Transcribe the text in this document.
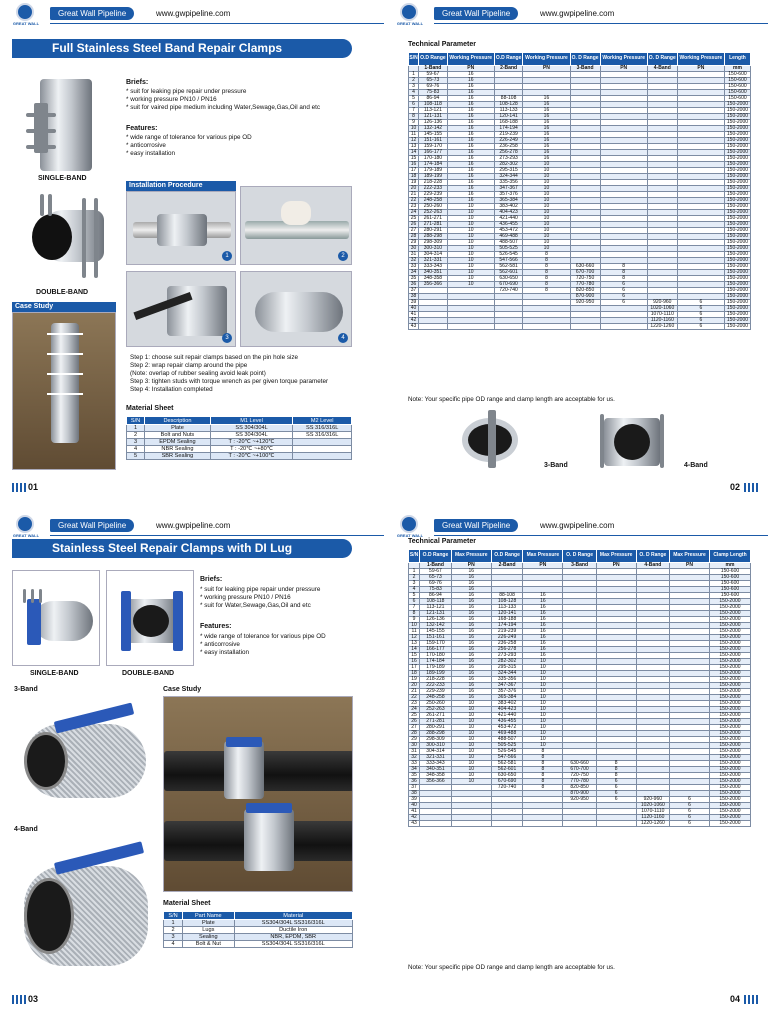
GREAT WALL
Great Wall Pipeline	www.gwpipeline.com
Full Stainless Steel Band Repair Clamps
SINGLE-BAND
DOUBLE-BAND
Case Study
Briefs:
* suit for leaking pipe repair under pressure
* working pressure PN10 / PN16
* suit for vaired pipe medium including Water,Sewage,Gas,Oil and etc
Features:
* wide range of tolerance for various pipe OD
* anticorrosive
* easy installation
Installation Procedure
1	2
3	4
Step 1: choose suit repair clamps based on the pin hole size
Step 2: wrap repair clamp around the pipe
(Note: overlap of rubber sealing avoid leak point)
Step 3: tighten studs with torque wrench as per given torque parameter
Step 4: Installation completed
Material Sheet
S/N	Description	M1 Level	M2 Level
1	Plate	SS 304/304L	SS 316/316L
2	Bolt and Nuts	SS 304/304L	SS 316/316L
3	EPDM Sealing	T : -20℃ ~+120℃	
4	NBR Sealing	T : -20℃ ~+80℃	
5	SBR Sealing	T : -20℃ ~+100℃	
01
GREAT WALL
Great Wall Pipeline	www.gwpipeline.com
Technical Parameter
S/N	O.D Range	Working Pressure	O.D Range	Working Pressure	O. D Range	Working Pressure	O. D Range	Working Pressure	Length
	1-Band	PN	2-Band	PN	3-Band	PN	4-Band	PN	mm
1	59-67	16							150-600
2	65-73	16							150-600
3	69-76	16							150-600
4	75-83	16							150-600
5	86-94	16	88-108	16					150-600
6	108-118	16	108-128	16					150-2000
7	113-121	16	113-133	16					150-2000
8	121-131	16	120-141	16					150-2000
9	126-136	16	168-188	16					150-2000
10	132-142	16	174-194	16					150-2000
11	145-155	16	219-239	16					150-2000
12	151-161	16	226-249	16					150-2000
13	159-170	16	236-258	16					150-2000
14	166-177	16	256-278	16					150-2000
15	170-180	16	273-293	16					150-2000
16	174-184	16	282-302	10					150-2000
17	179-189	16	295-315	10					150-2000
18	189-199	16	324-344	10					150-2000
19	218-228	16	335-356	10					150-2000
20	222-233	16	347-367	10					150-2000
21	229-239	16	357-376	10					150-2000
22	248-258	16	365-384	10					150-2000
23	250-260	10	383-402	10					150-2000
24	252-263	10	404-423	10					150-2000
25	261-271	10	421-440	10					150-2000
26	271-281	10	436-455	10					150-2000
27	280-291	10	453-472	10					150-2000
28	288-298	10	469-488	10					150-2000
29	298-309	10	488-507	10					150-2000
30	300-310	10	505-525	10					150-2000
31	304-314	10	526-545	8					150-2000
32	321-331	10	547-566	8					150-2000
33	333-343	10	562-581	8	630-660	8			150-2000
34	340-351	10	562-601	8	670-700	8			150-2000
35	348-358	10	630-650	8	720-750	8			150-2000
36	356-366	10	670-690	8	770-780	6			150-2000
37			720-740	8	820-850	6			150-2000
38					870-900	6			150-2000
39					920-950	6	920-960	6	150-2000
40							1020-1060	6	150-2000
41							1070-1110	6	150-2000
42							1120-1160	6	150-2000
43							1220-1260	6	150-2000
Note: Your specific pipe OD range and clamp length are acceptable for us.
3-Band	4-Band
02
GREAT WALL
Great Wall Pipeline	www.gwpipeline.com
Stainless Steel Repair Clamps with DI Lug
SINGLE-BAND	DOUBLE-BAND
Briefs:
* suit for leaking pipe repair under pressure
* working pressure PN10 / PN16
* suit for Water,Sewage,Gas,Oil and etc
Features:
* wide range of tolerance for various pipe OD
* anticorrosive
* easy installation
3-Band
4-Band
Case Study
Material Sheet
S/N	Part Name	Material
1	Plate	SS304/304L SS316/316L
2	Lugs	Ductile Iron
3	Sealing	NBR, EPDM, SBR
4	Bolt & Nut	SS304/304L SS316/316L
03
GREAT WALL
Great Wall Pipeline	www.gwpipeline.com
Technical Parameter
S/N	O.D Range	Max Pressure	O.D Range	Max Pressure	O. D Range	Max Pressure	O. D Range	Max Pressure	Clamp Length
	1-Band	PN	2-Band	PN	3-Band	PN	4-Band	PN	mm
1	59-67	16							150-600
2	65-73	16							150-600
3	69-76	16							150-600
4	75-83	16							150-600
5	86-94	16	88-108	16					150-600
6	108-118	16	108-128	16					150-2000
7	113-121	16	113-133	16					150-2000
8	121-131	16	120-141	16					150-2000
9	126-136	16	168-188	16					150-2000
10	132-142	16	174-194	16					150-2000
11	145-155	16	219-239	16					150-2000
12	151-161	16	226-249	16					150-2000
13	159-170	16	236-258	16					150-2000
14	166-177	16	256-278	16					150-2000
15	170-180	16	273-293	16					150-2000
16	174-184	16	282-302	10					150-2000
17	179-189	16	295-315	10					150-2000
18	189-199	16	324-344	10					150-2000
19	218-228	16	335-356	10					150-2000
20	222-233	16	347-367	10					150-2000
21	229-239	16	357-376	10					150-2000
22	248-258	16	365-384	10					150-2000
23	250-260	10	383-402	10					150-2000
24	252-263	10	404-423	10					150-2000
25	261-271	10	421-440	10					150-2000
26	271-281	10	436-455	10					150-2000
27	280-291	10	453-472	10					150-2000
28	288-298	10	469-488	10					150-2000
29	298-309	10	488-507	10					150-2000
30	300-310	10	505-525	10					150-2000
31	304-314	10	526-545	8					150-2000
32	321-331	10	547-566	8					150-2000
33	333-343	10	562-581	8	630-660	8			150-2000
34	340-351	10	562-601	8	670-700	8			150-2000
35	348-358	10	630-650	8	720-750	8			150-2000
36	356-366	10	670-690	8	770-780	6			150-2000
37			720-740	8	820-850	6			150-2000
38					870-900	6			150-2000
39					920-950	6	920-960	6	150-2000
40							1020-1060	6	150-2000
41							1070-1110	6	150-2000
42							1120-1160	6	150-2000
43							1220-1260	6	150-2000
Note: Your specific pipe OD range and clamp length are acceptable for us.
04
